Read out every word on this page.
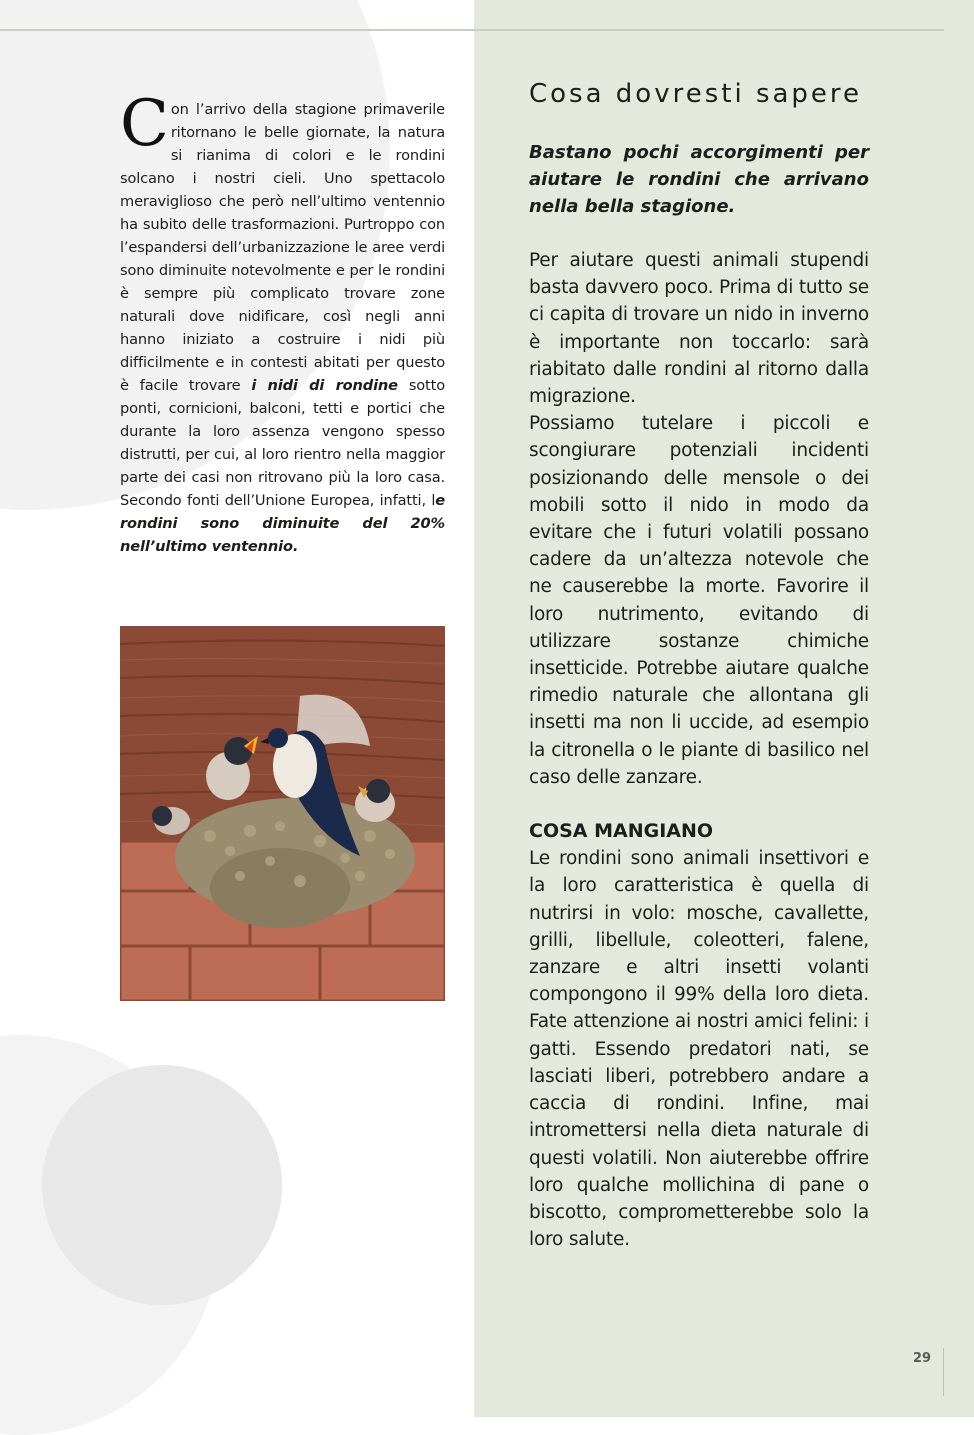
C on l’arrivo della stagione primaverile ritornano le belle giornate, la natura si rianima di colori e le rondini solcano i nostri cieli. Uno spettacolo meraviglioso che però nell’ultimo ventennio ha subito delle trasformazioni. Purtroppo con l’espandersi dell’urbanizzazione le aree verdi sono diminuite notevolmente e per le rondini è sempre più complicato trovare zone naturali dove nidificare, così negli anni hanno iniziato a costruire i nidi più difficilmente e in contesti abitati per questo è facile trovare i nidi di rondine sotto ponti, cornicioni, balconi, tetti e portici che durante la loro assenza vengono spesso distrutti, per cui, al loro rientro nella maggior parte dei casi non ritrovano più la loro casa. Secondo fonti dell’Unione Europea, infatti, le rondini sono diminuite del 20% nell’ultimo ventennio.
Cosa dovresti sapere

Bastano pochi accorgimenti per aiutare le rondini che arrivano nella bella stagione.

Per aiutare questi animali stupendi basta davvero poco. Prima di tutto se ci capita di trovare un nido in inverno è importante non toccarlo: sarà riabitato dalle rondini al ritorno dalla migrazione.

Possiamo tutelare i piccoli e scongiurare potenziali incidenti posizionando delle mensole o dei mobili sotto il nido in modo da evitare che i futuri volatili possano cadere da un’altezza notevole che ne causerebbe la morte. Favorire il loro nutrimento, evitando di utilizzare sostanze chimiche insetticide. Potrebbe aiutare qualche rimedio naturale che allontana gli insetti ma non li uccide, ad esempio la citronella o le piante di basilico nel caso delle zanzare.

COSA MANGIANO

Le rondini sono animali insettivori e la loro caratteristica è quella di nutrirsi in volo: mosche, cavallette, grilli, libellule, coleotteri, falene, zanzare e altri insetti volanti compongono il 99% della loro dieta. Fate attenzione ai nostri amici felini: i gatti. Essendo predatori nati, se lasciati liberi, potrebbero andare a caccia di rondini. Infine, mai intromettersi nella dieta naturale di questi volatili. Non aiuterebbe offrire loro qualche mollichina di pane o biscotto, comprometterebbe solo la loro salute.

29
